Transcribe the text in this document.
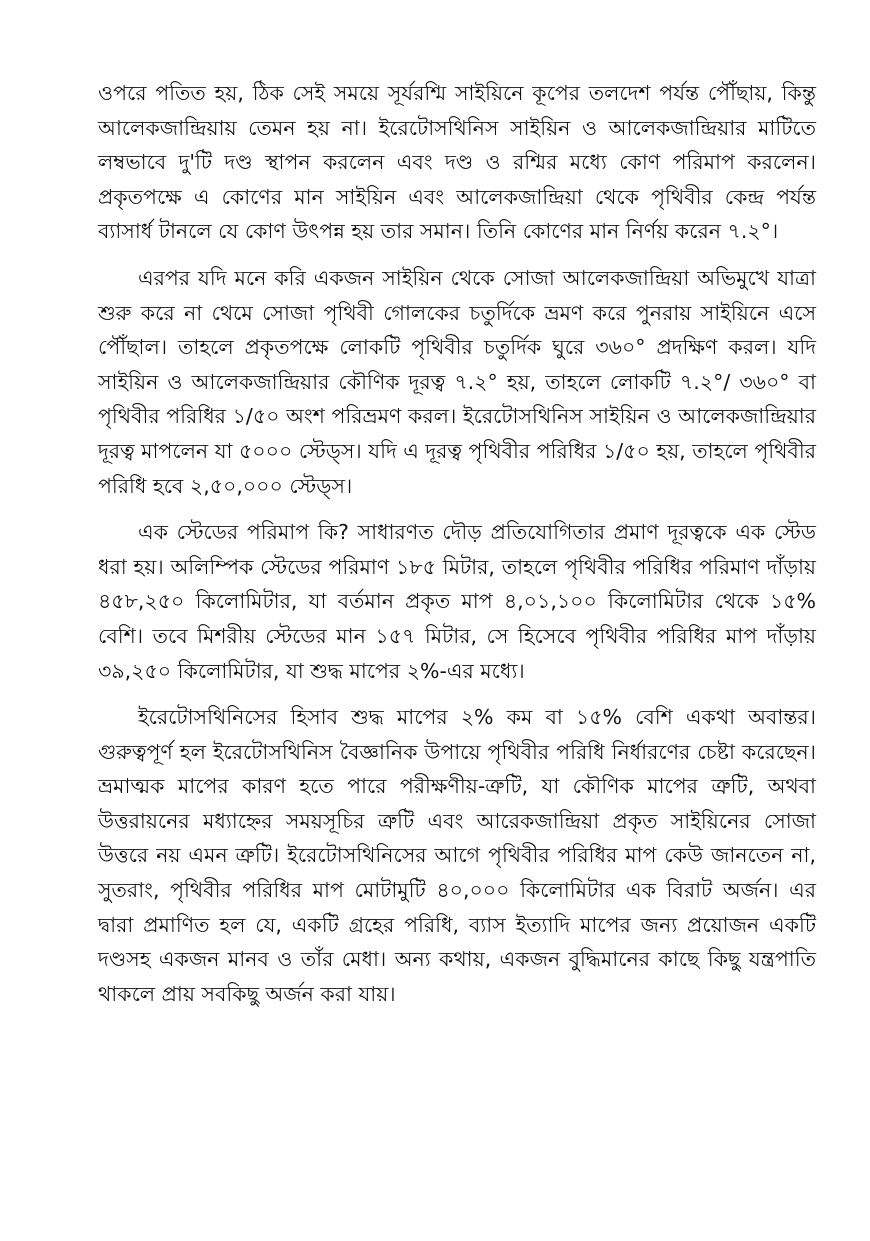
ওপরে পতিত হয়, ঠিক সেই সময়ে সূর্যরশ্মি সাইয়িনে কূপের তলদেশ পর্যন্ত পৌঁছায়, কিন্তু আলেকজান্দ্রিয়ায় তেমন হয় না। ইরেটোসথিনিস সাইয়িন ও আলেকজান্দ্রিয়ার মাটিতে লম্বভাবে দু'টি দণ্ড স্থাপন করলেন এবং দণ্ড ও রশ্মির মধ্যে কোণ পরিমাপ করলেন। প্রকৃতপক্ষে এ কোণের মান সাইয়িন এবং আলেকজান্দ্রিয়া থেকে পৃথিবীর কেন্দ্র পর্যন্ত ব্যাসার্ধ টানলে যে কোণ উৎপন্ন হয় তার সমান। তিনি কোণের মান নির্ণয় করেন ৭.২°।

এরপর যদি মনে করি একজন সাইয়িন থেকে সোজা আলেকজান্দ্রিয়া অভিমুখে যাত্রা শুরু করে না থেমে সোজা পৃথিবী গোলকের চতুর্দিকে ভ্রমণ করে পুনরায় সাইয়িনে এসে পৌঁছাল। তাহলে প্রকৃতপক্ষে লোকটি পৃথিবীর চতুর্দিক ঘুরে ৩৬০° প্রদক্ষিণ করল। যদি সাইয়িন ও আলেকজান্দ্রিয়ার কৌণিক দূরত্ব ৭.২° হয়, তাহলে লোকটি ৭.২°/ ৩৬০° বা পৃথিবীর পরিধির ১/৫০ অংশ পরিভ্রমণ করল। ইরেটোসথিনিস সাইয়িন ও আলেকজান্দ্রিয়ার দূরত্ব মাপলেন যা ৫০০০ স্টেড্স। যদি এ দূরত্ব পৃথিবীর পরিধির ১/৫০ হয়, তাহলে পৃথিবীর পরিধি হবে ২,৫০,০০০ স্টেড্স।

এক স্টেডের পরিমাপ কি? সাধারণত দৌড় প্রতিযোগিতার প্রমাণ দূরত্বকে এক স্টেড ধরা হয়। অলিম্পিক স্টেডের পরিমাণ ১৮৫ মিটার, তাহলে পৃথিবীর পরিধির পরিমাণ দাঁড়ায় ৪৫৮,২৫০ কিলোমিটার, যা বর্তমান প্রকৃত মাপ ৪,০১,১০০ কিলোমিটার থেকে ১৫% বেশি। তবে মিশরীয় স্টেডের মান ১৫৭ মিটার, সে হিসেবে পৃথিবীর পরিধির মাপ দাঁড়ায় ৩৯,২৫০ কিলোমিটার, যা শুদ্ধ মাপের ২%-এর মধ্যে।

ইরেটোসথিনিসের হিসাব শুদ্ধ মাপের ২% কম বা ১৫% বেশি একথা অবান্তর। গুরুত্বপূর্ণ হল ইরেটোসথিনিস বৈজ্ঞানিক উপায়ে পৃথিবীর পরিধি নির্ধারণের চেষ্টা করেছেন। ভ্রমাত্মক মাপের কারণ হতে পারে পরীক্ষণীয়-ত্রুটি, যা কৌণিক মাপের ত্রুটি, অথবা উত্তরায়নের মধ্যাহ্নের সময়সূচির ত্রুটি এবং আরেকজান্দ্রিয়া প্রকৃত সাইয়িনের সোজা উত্তরে নয় এমন ত্রুটি। ইরেটোসথিনিসের আগে পৃথিবীর পরিধির মাপ কেউ জানতেন না, সুতরাং, পৃথিবীর পরিধির মাপ মোটামুটি ৪০,০০০ কিলোমিটার এক বিরাট অর্জন। এর দ্বারা প্রমাণিত হল যে, একটি গ্রহের পরিধি, ব্যাস ইত্যাদি মাপের জন্য প্রয়োজন একটি দণ্ডসহ একজন মানব ও তাঁর মেধা। অন্য কথায়, একজন বুদ্ধিমানের কাছে কিছু যন্ত্রপাতি থাকলে প্রায় সবকিছু অর্জন করা যায়।
